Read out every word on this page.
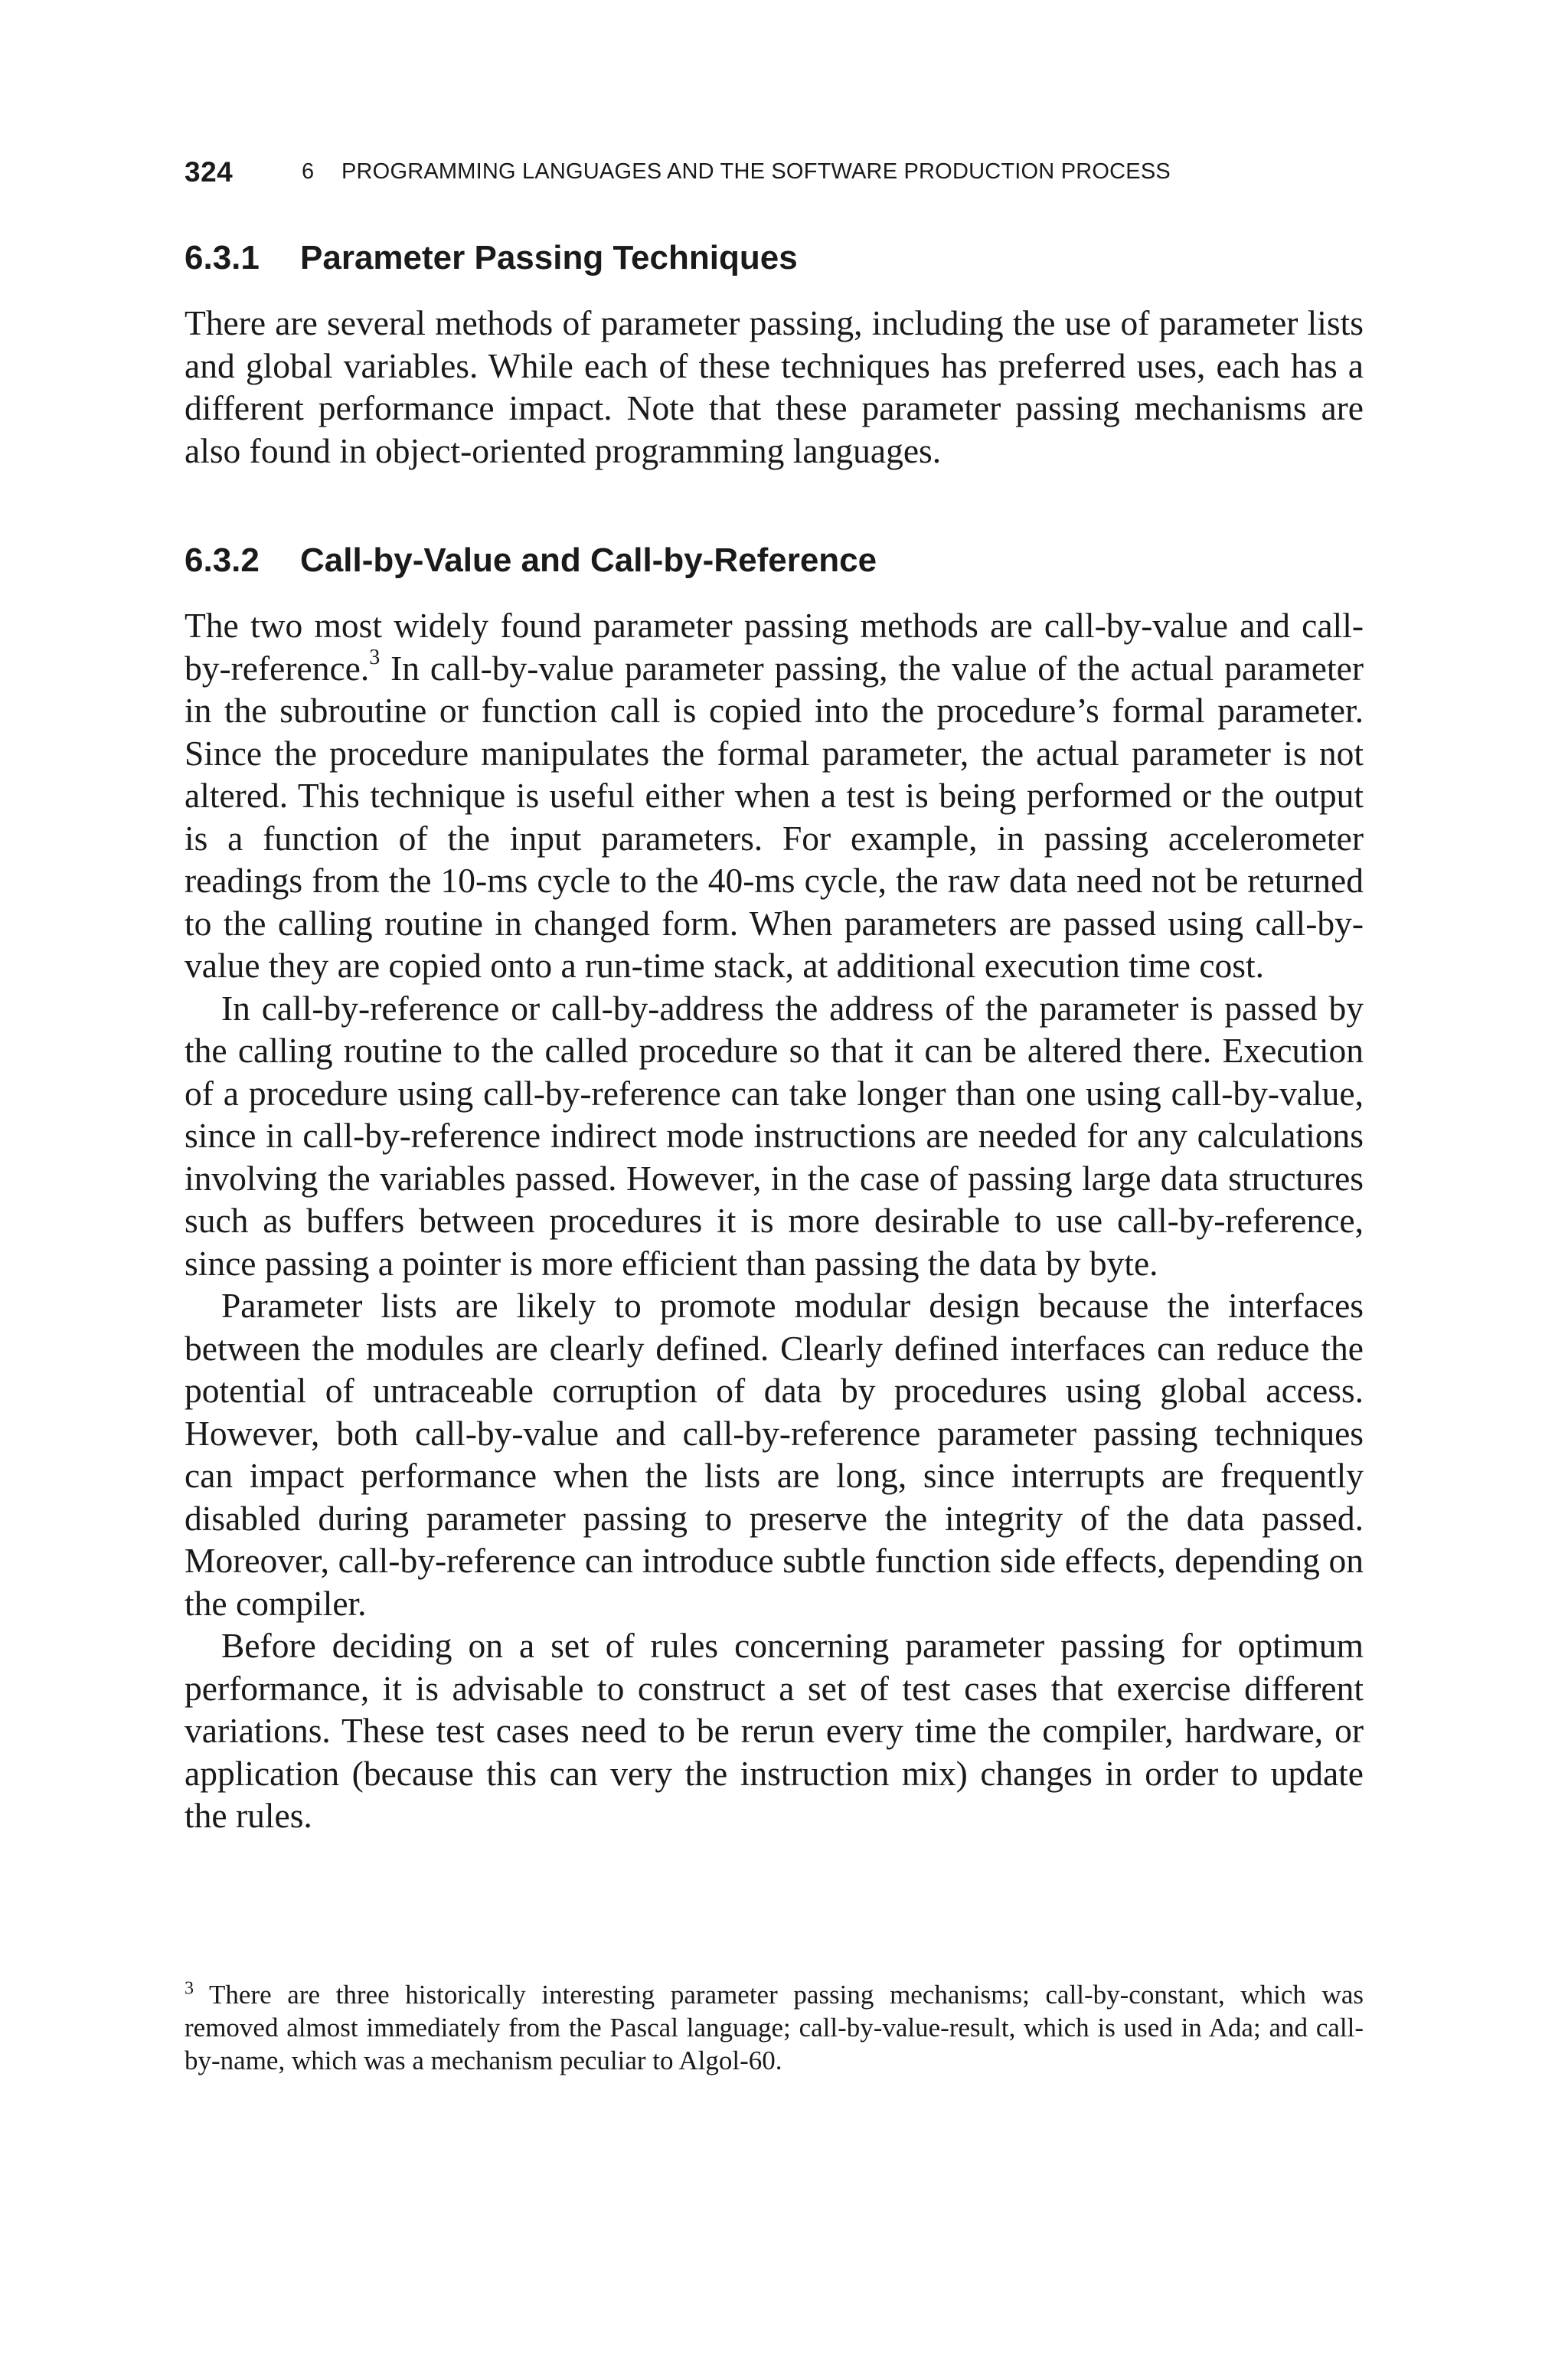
324	6 PROGRAMMING LANGUAGES AND THE SOFTWARE PRODUCTION PROCESS
6.3.1 Parameter Passing Techniques

There are several methods of parameter passing, including the use of parameter lists and global variables. While each of these techniques has preferred uses, each has a different performance impact. Note that these parameter passing mechanisms are also found in object-oriented programming languages.

6.3.2 Call-by-Value and Call-by-Reference

The two most widely found parameter passing methods are call-by-value and call-by-reference.$^3$ In call-by-value parameter passing, the value of the actual parameter in the subroutine or function call is copied into the procedure’s formal parameter. Since the procedure manipulates the formal parameter, the actual parameter is not altered. This technique is useful either when a test is being performed or the output is a function of the input parameters. For example, in passing accelerometer readings from the 10-ms cycle to the 40-ms cycle, the raw data need not be returned to the calling routine in changed form. When parameters are passed using call-by-value they are copied onto a run-time stack, at additional execution time cost.

In call-by-reference or call-by-address the address of the parameter is passed by the calling routine to the called procedure so that it can be altered there. Execution of a procedure using call-by-reference can take longer than one using call-by-value, since in call-by-reference indirect mode instructions are needed for any calculations involving the variables passed. However, in the case of passing large data structures such as buffers between procedures it is more desirable to use call-by-reference, since passing a pointer is more efficient than passing the data by byte.

Parameter lists are likely to promote modular design because the interfaces between the modules are clearly defined. Clearly defined interfaces can reduce the potential of untraceable corruption of data by procedures using global access. However, both call-by-value and call-by-reference parameter passing techniques can impact performance when the lists are long, since interrupts are frequently disabled during parameter passing to preserve the integrity of the data passed. Moreover, call-by-reference can introduce subtle function side effects, depending on the compiler.

Before deciding on a set of rules concerning parameter passing for optimum performance, it is advisable to construct a set of test cases that exercise different variations. These test cases need to be rerun every time the compiler, hardware, or application (because this can very the instruction mix) changes in order to update the rules.

$^3$ There are three historically interesting parameter passing mechanisms; call-by-constant, which was removed almost immediately from the Pascal language; call-by-value-result, which is used in Ada; and call-by-name, which was a mechanism peculiar to Algol-60.
